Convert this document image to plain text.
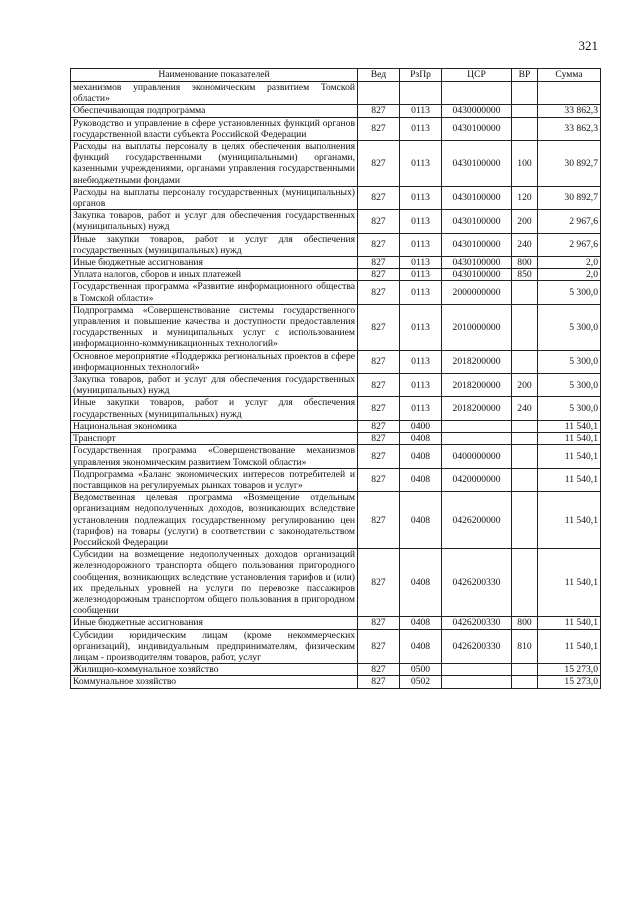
321
Наименование показателей	Вед	РзПр	ЦСР	ВР	Сумма
механизмов управления экономическим развитием Томской области»					
Обеспечивающая подпрограмма	827	0113	0430000000		33 862,3
Руководство и управление в сфере установленных функций органов государственной власти субъекта Российской Федерации	827	0113	0430100000		33 862,3
Расходы на выплаты персоналу в целях обеспечения выполнения функций государственными (муниципальными) органами, казенными учреждениями, органами управления государственными внебюджетными фондами	827	0113	0430100000	100	30 892,7
Расходы на выплаты персоналу государственных (муниципальных) органов	827	0113	0430100000	120	30 892,7
Закупка товаров, работ и услуг для обеспечения государственных (муниципальных) нужд	827	0113	0430100000	200	2 967,6
Иные закупки товаров, работ и услуг для обеспечения государственных (муниципальных) нужд	827	0113	0430100000	240	2 967,6
Иные бюджетные ассигнования	827	0113	0430100000	800	2,0
Уплата налогов, сборов и иных платежей	827	0113	0430100000	850	2,0
Государственная программа «Развитие информационного общества в Томской области»	827	0113	2000000000		5 300,0
Подпрограмма «Совершенствование системы государственного управления и повышение качества и доступности предоставления государственных и муниципальных услуг с использованием информационно-коммуникационных технологий»	827	0113	2010000000		5 300,0
Основное мероприятие «Поддержка региональных проектов в сфере информационных технологий»	827	0113	2018200000		5 300,0
Закупка товаров, работ и услуг для обеспечения государственных (муниципальных) нужд	827	0113	2018200000	200	5 300,0
Иные закупки товаров, работ и услуг для обеспечения государственных (муниципальных) нужд	827	0113	2018200000	240	5 300,0
Национальная экономика	827	0400			11 540,1
Транспорт	827	0408			11 540,1
Государственная программа «Совершенствование механизмов управления экономическим развитием Томской области»	827	0408	0400000000		11 540,1
Подпрограмма «Баланс экономических интересов потребителей и поставщиков на регулируемых рынках товаров и услуг»	827	0408	0420000000		11 540,1
Ведомственная целевая программа «Возмещение отдельным организациям недополученных доходов, возникающих вследствие установления подлежащих государственному регулированию цен (тарифов) на товары (услуги) в соответствии с законодательством Российской Федерации	827	0408	0426200000		11 540,1
Субсидии на возмещение недополученных доходов организаций железнодорожного транспорта общего пользования пригородного сообщения, возникающих вследствие установления тарифов и (или) их предельных уровней на услуги по перевозке пассажиров железнодорожным транспортом общего пользования в пригородном сообщении	827	0408	0426200330		11 540,1
Иные бюджетные ассигнования	827	0408	0426200330	800	11 540,1
Субсидии юридическим лицам (кроме некоммерческих организаций), индивидуальным предпринимателям, физическим лицам - производителям товаров, работ, услуг	827	0408	0426200330	810	11 540,1
Жилищно-коммунальное хозяйство	827	0500			15 273,0
Коммунальное хозяйство	827	0502			15 273,0
